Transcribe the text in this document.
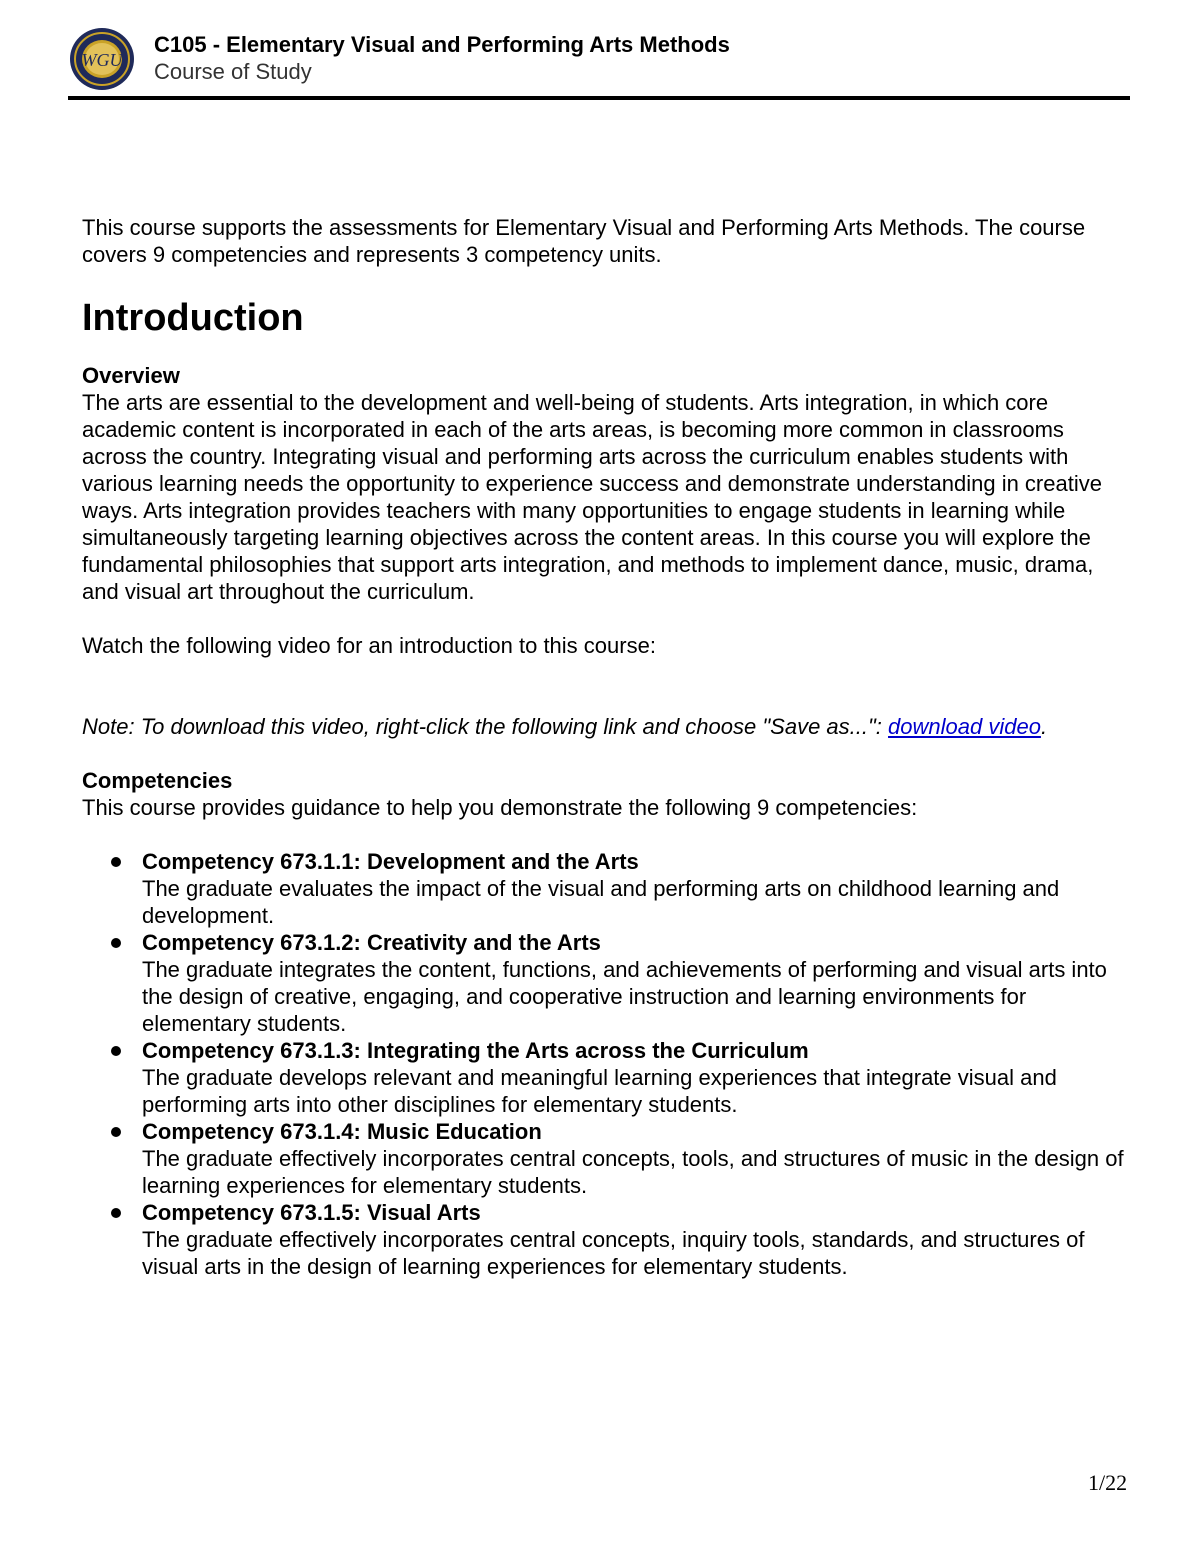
WGU
C105 - Elementary Visual and Performing Arts Methods
Course of Study

This course supports the assessments for Elementary Visual and Performing Arts Methods. The course covers 9 competencies and represents 3 competency units.

Introduction

Overview

The arts are essential to the development and well-being of students. Arts integration, in which core academic content is incorporated in each of the arts areas, is becoming more common in classrooms across the country. Integrating visual and performing arts across the curriculum enables students with various learning needs the opportunity to experience success and demonstrate understanding in creative ways. Arts integration provides teachers with many opportunities to engage students in learning while simultaneously targeting learning objectives across the content areas. In this course you will explore the fundamental philosophies that support arts integration, and methods to implement dance, music, drama, and visual art throughout the curriculum.

Watch the following video for an introduction to this course:

Note: To download this video, right-click the following link and choose "Save as...": download video.

Competencies

This course provides guidance to help you demonstrate the following 9 competencies:

Competency 673.1.1: Development and the Arts
The graduate evaluates the impact of the visual and performing arts on childhood learning and development.
Competency 673.1.2: Creativity and the Arts
The graduate integrates the content, functions, and achievements of performing and visual arts into the design of creative, engaging, and cooperative instruction and learning environments for elementary students.
Competency 673.1.3: Integrating the Arts across the Curriculum
The graduate develops relevant and meaningful learning experiences that integrate visual and performing arts into other disciplines for elementary students.
Competency 673.1.4: Music Education
The graduate effectively incorporates central concepts, tools, and structures of music in the design of learning experiences for elementary students.
Competency 673.1.5: Visual Arts
The graduate effectively incorporates central concepts, inquiry tools, standards, and structures of visual arts in the design of learning experiences for elementary students.
1/22
